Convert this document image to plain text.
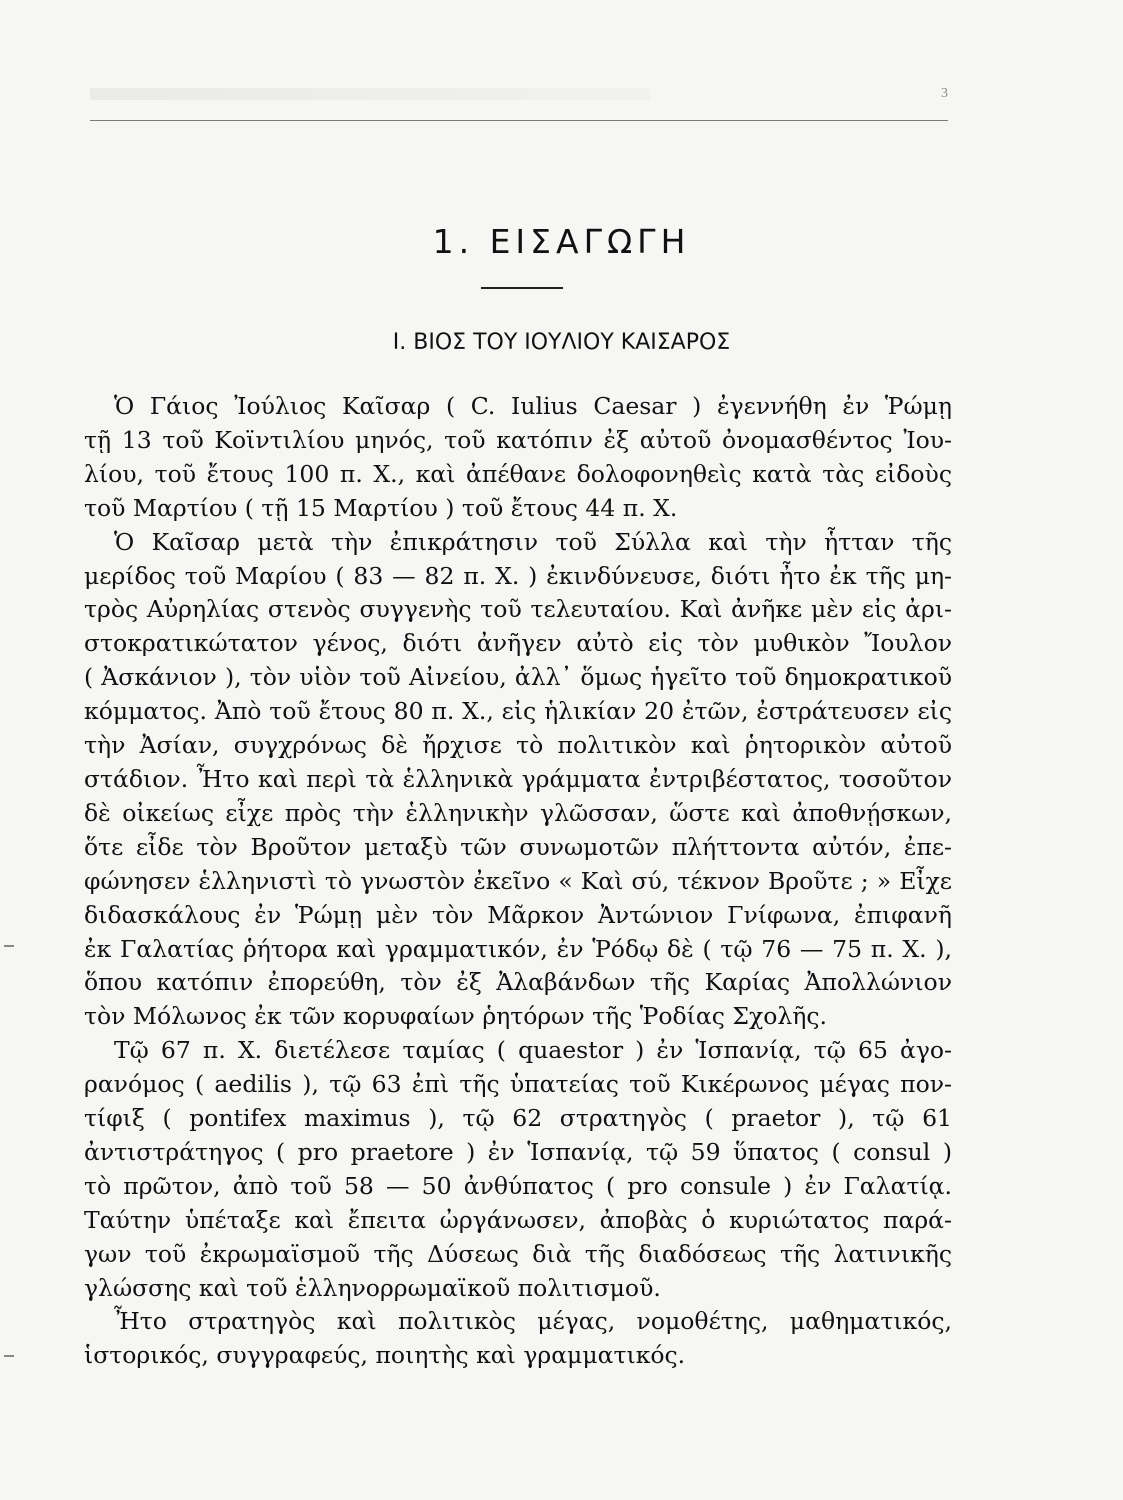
3
1. ΕΙΣΑΓΩΓΗ
Ι. ΒΙΟΣ ΤΟΥ ΙΟΥΛΙΟΥ ΚΑΙΣΑΡΟΣ
Ὁ Γάιος Ἰούλιος Καῖσαρ ( C. Iulius Caesar ) ἐγεννήθη ἐν Ῥώμῃ
τῇ 13 τοῦ Κοϊντιλίου μηνός, τοῦ κατόπιν ἐξ αὐτοῦ ὀνομασθέντος Ἰου-
λίου, τοῦ ἔτους 100 π. Χ., καὶ ἀπέθανε δολοφονηθεὶς κατὰ τὰς εἰδοὺς
τοῦ Μαρτίου ( τῇ 15 Μαρτίου ) τοῦ ἔτους 44 π. Χ.
Ὁ Καῖσαρ μετὰ τὴν ἐπικράτησιν τοῦ Σύλλα καὶ τὴν ἧτταν τῆς
μερίδος τοῦ Μαρίου ( 83 — 82 π. Χ. ) ἐκινδύνευσε, διότι ἦτο ἐκ τῆς μη-
τρὸς Αὐρηλίας στενὸς συγγενὴς τοῦ τελευταίου. Καὶ ἀνῆκε μὲν εἰς ἀρι-
στοκρατικώτατον γένος, διότι ἀνῆγεν αὐτὸ εἰς τὸν μυθικὸν Ἴουλον
( Ἀσκάνιον ), τὸν υἱὸν τοῦ Αἰνείου, ἀλλ᾽ ὅμως ἡγεῖτο τοῦ δημοκρατικοῦ
κόμματος. Ἀπὸ τοῦ ἔτους 80 π. Χ., εἰς ἡλικίαν 20 ἐτῶν, ἐστράτευσεν εἰς
τὴν Ἀσίαν, συγχρόνως δὲ ἤρχισε τὸ πολιτικὸν καὶ ῥητορικὸν αὐτοῦ
στάδιον. Ἦτο καὶ περὶ τὰ ἑλληνικὰ γράμματα ἐντριβέστατος, τοσοῦτον
δὲ οἰκείως εἶχε πρὸς τὴν ἑλληνικὴν γλῶσσαν, ὥστε καὶ ἀποθνῄσκων,
ὅτε εἶδε τὸν Βροῦτον μεταξὺ τῶν συνωμοτῶν πλήττοντα αὐτόν, ἐπε-
φώνησεν ἑλληνιστὶ τὸ γνωστὸν ἐκεῖνο « Καὶ σύ, τέκνον Βροῦτε ; » Εἶχε
διδασκάλους ἐν Ῥώμῃ μὲν τὸν Μᾶρκον Ἀντώνιον Γνίφωνα, ἐπιφανῆ
ἐκ Γαλατίας ῥήτορα καὶ γραμματικόν, ἐν Ῥόδῳ δὲ ( τῷ 76 — 75 π. Χ. ),
ὅπου κατόπιν ἐπορεύθη, τὸν ἐξ Ἀλαβάνδων τῆς Καρίας Ἀπολλώνιον
τὸν Μόλωνος ἐκ τῶν κορυφαίων ῥητόρων τῆς Ῥοδίας Σχολῆς.
Τῷ 67 π. Χ. διετέλεσε ταμίας ( quaestor ) ἐν Ἱσπανίᾳ, τῷ 65 ἀγο-
ρανόμος ( aedilis ), τῷ 63 ἐπὶ τῆς ὑπατείας τοῦ Κικέρωνος μέγας πον-
τίφιξ ( pontifex maximus ), τῷ 62 στρατηγὸς ( praetor ), τῷ 61
ἀντιστράτηγος ( pro praetore ) ἐν Ἱσπανίᾳ, τῷ 59 ὕπατος ( consul )
τὸ πρῶτον, ἀπὸ τοῦ 58 — 50 ἀνθύπατος ( pro consule ) ἐν Γαλατίᾳ.
Ταύτην ὑπέταξε καὶ ἔπειτα ὠργάνωσεν, ἀποβὰς ὁ κυριώτατος παρά-
γων τοῦ ἐκρωμαϊσμοῦ τῆς Δύσεως διὰ τῆς διαδόσεως τῆς λατινικῆς
γλώσσης καὶ τοῦ ἑλληνορρωμαϊκοῦ πολιτισμοῦ.
Ἦτο στρατηγὸς καὶ πολιτικὸς μέγας, νομοθέτης, μαθηματικός,
ἱστορικός, συγγραφεύς, ποιητὴς καὶ γραμματικός.
